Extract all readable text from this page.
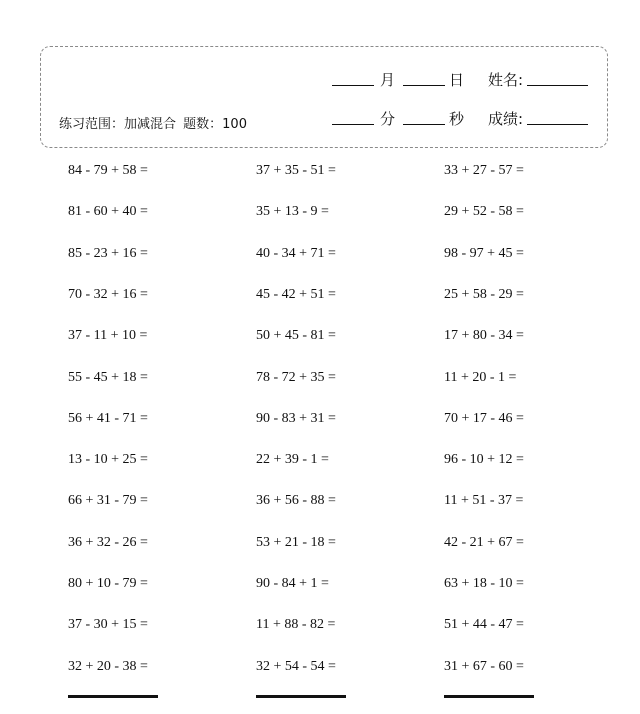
练习范围：加减混合 题数：100
月	日 姓名:
分	秒 成绩:
84 - 79 + 58 =
81 - 60 + 40 =
85 - 23 + 16 =
70 - 32 + 16 =
37 - 11 + 10 =
55 - 45 + 18 =
56 + 41 - 71 =
13 - 10 + 25 =
66 + 31 - 79 =
36 + 32 - 26 =
80 + 10 - 79 =
37 - 30 + 15 =
32 + 20 - 38 =
37 + 35 - 51 =
35 + 13 - 9 =
40 - 34 + 71 =
45 - 42 + 51 =
50 + 45 - 81 =
78 - 72 + 35 =
90 - 83 + 31 =
22 + 39 - 1 =
36 + 56 - 88 =
53 + 21 - 18 =
90 - 84 + 1 =
11 + 88 - 82 =
32 + 54 - 54 =
33 + 27 - 57 =
29 + 52 - 58 =
98 - 97 + 45 =
25 + 58 - 29 =
17 + 80 - 34 =
11 + 20 - 1 =
70 + 17 - 46 =
96 - 10 + 12 =
11 + 51 - 37 =
42 - 21 + 67 =
63 + 18 - 10 =
51 + 44 - 47 =
31 + 67 - 60 =
